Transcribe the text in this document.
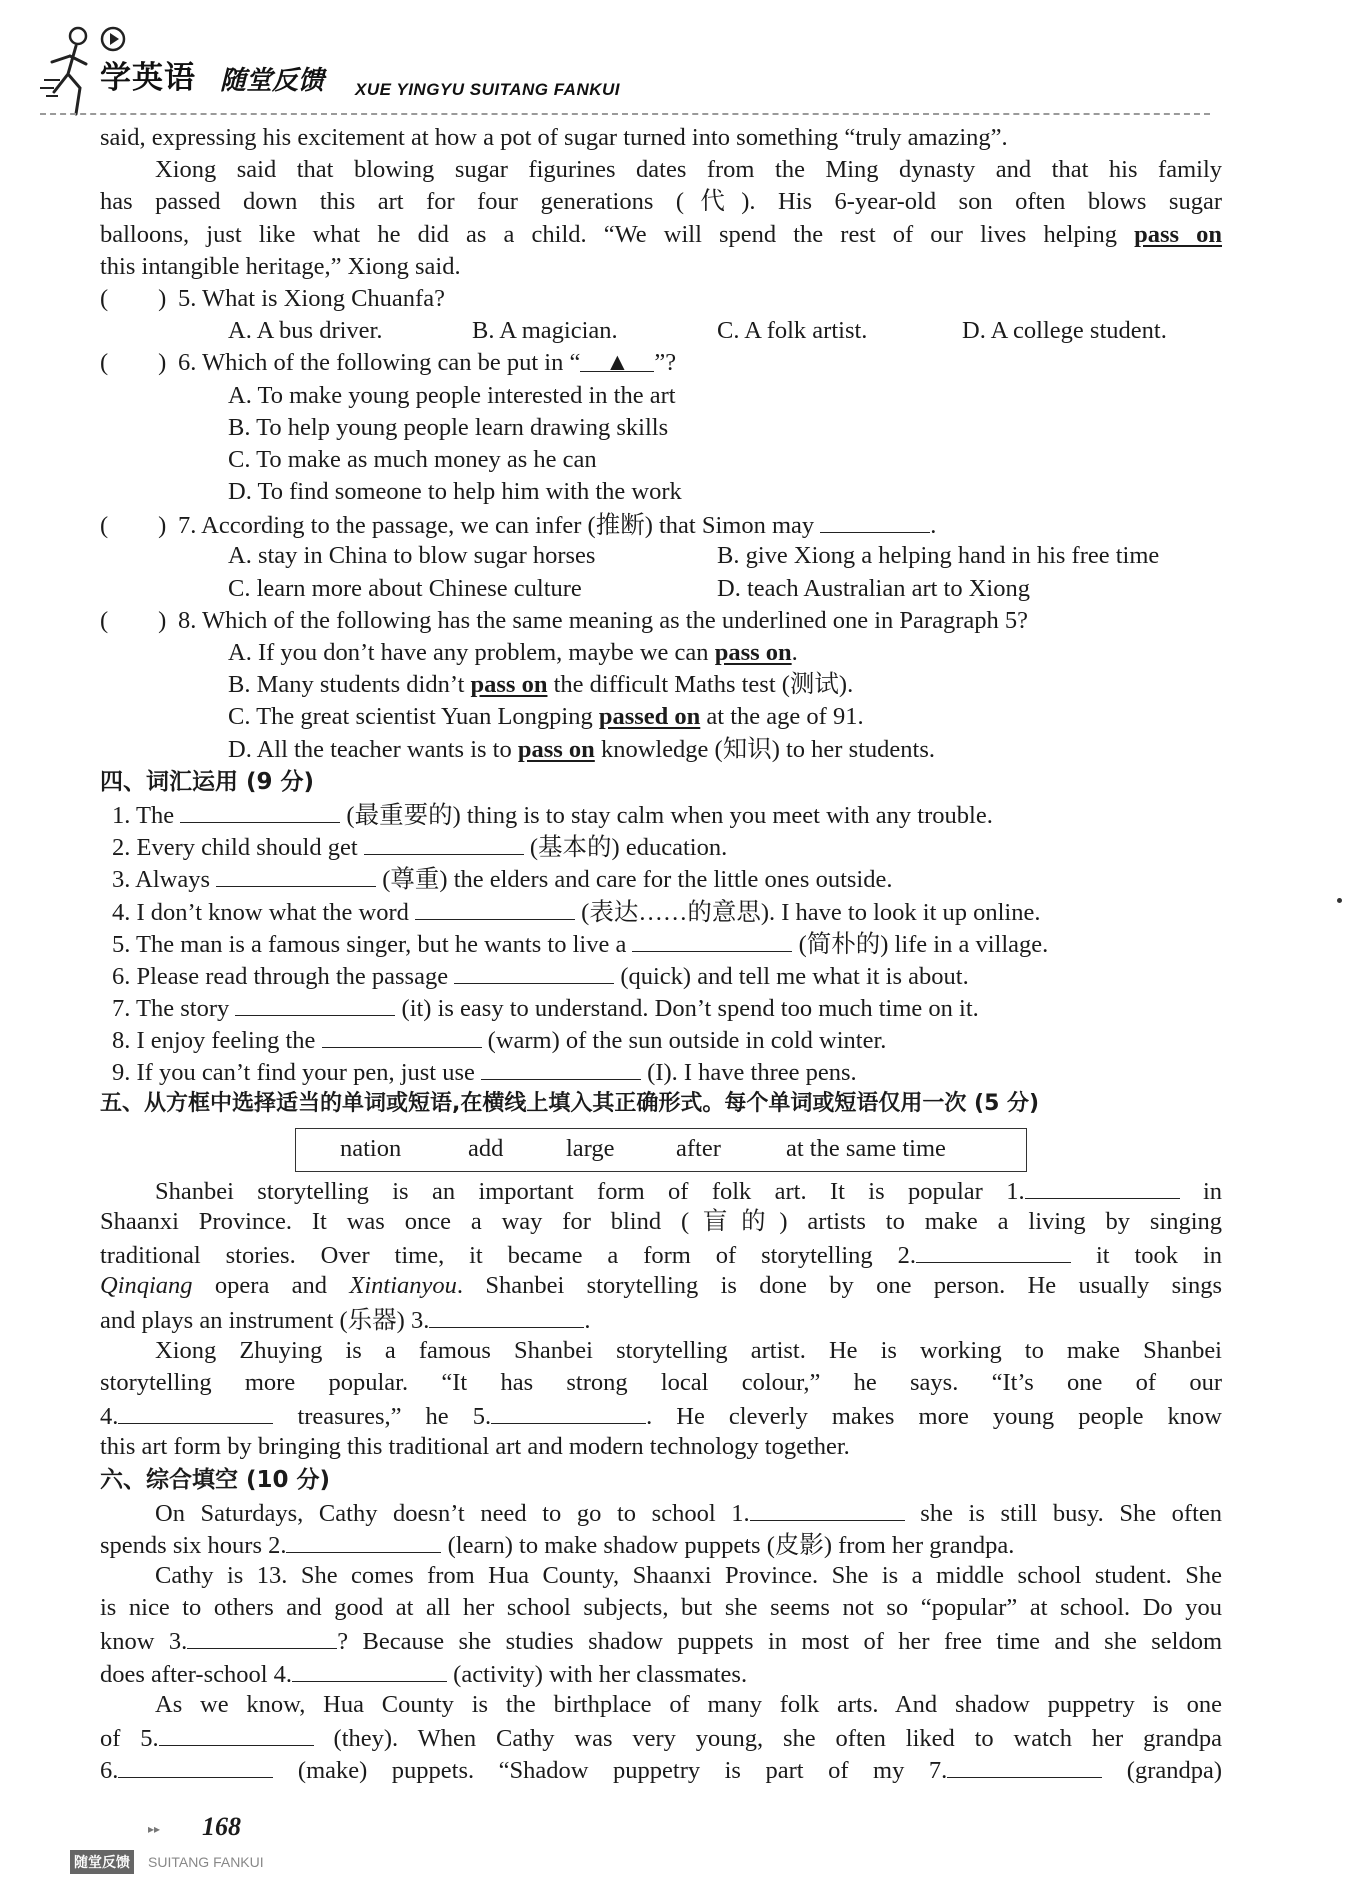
学英语 随堂反馈 XUE YINGYU SUITANG FANKUI
said, expressing his excitement at how a pot of sugar turned into something “truly amazing”.
Xiong said that blowing sugar figurines dates from the Ming dynasty and that his family
has passed down this art for four generations (代). His 6-year-old son often blows sugar
balloons, just like what he did as a child. “We will spend the rest of our lives helping pass on
this intangible heritage,” Xiong said.
( ) 5. What is Xiong Chuanfa?
A. A bus driver.	B. A magician.	C. A folk artist.	D. A college student.
( ) 6. Which of the following can be put in “ ▲ ”?
A. To make young people interested in the art
B. To help young people learn drawing skills
C. To make as much money as he can
D. To find someone to help him with the work
( ) 7. According to the passage, we can infer (推断) that Simon may	.
A. stay in China to blow sugar horses	B. give Xiong a helping hand in his free time
C. learn more about Chinese culture	D. teach Australian art to Xiong
( ) 8. Which of the following has the same meaning as the underlined one in Paragraph 5?
A. If you don’t have any problem, maybe we can pass on.
B. Many students didn’t pass on the difficult Maths test (测试).
C. The great scientist Yuan Longping passed on at the age of 91.
D. All the teacher wants is to pass on knowledge (知识) to her students.
四、词汇运用 (9 分)
1. The	(最重要的) thing is to stay calm when you meet with any trouble.
2. Every child should get	(基本的) education.
3. Always	(尊重) the elders and care for the little ones outside.
4. I don’t know what the word	(表达……的意思). I have to look it up online.
5. The man is a famous singer, but he wants to live a	(简朴的) life in a village.
6. Please read through the passage	(quick) and tell me what it is about.
7. The story	(it) is easy to understand. Don’t spend too much time on it.
8. I enjoy feeling the	(warm) of the sun outside in cold winter.
9. If you can’t find your pen, just use	(I). I have three pens.
五、从方框中选择适当的单词或短语,在横线上填入其正确形式。每个单词或短语仅用一次 (5 分)
Shanbei storytelling is an important form of folk art. It is popular 1.	in
Shaanxi Province. It was once a way for blind (盲的) artists to make a living by singing
traditional stories. Over time, it became a form of storytelling 2.	it took in
Qinqiang opera and Xintianyou. Shanbei storytelling is done by one person. He usually sings
and plays an instrument (乐器) 3.	.
Xiong Zhuying is a famous Shanbei storytelling artist. He is working to make Shanbei
storytelling more popular. “It has strong local colour,” he says. “It’s one of our
4.	treasures,” he 5.	. He cleverly makes more young people know
this art form by bringing this traditional art and modern technology together.
六、综合填空 (10 分)
On Saturdays, Cathy doesn’t need to go to school 1.	she is still busy. She often
spends six hours 2.	(learn) to make shadow puppets (皮影) from her grandpa.
Cathy is 13. She comes from Hua County, Shaanxi Province. She is a middle school student. She
is nice to others and good at all her school subjects, but she seems not so “popular” at school. Do you
know 3.	? Because she studies shadow puppets in most of her free time and she seldom
does after-school 4.	(activity) with her classmates.
As we know, Hua County is the birthplace of many folk arts. And shadow puppetry is one
of 5.	(they). When Cathy was very young, she often liked to watch her grandpa
6.	(make) puppets. “Shadow puppetry is part of my 7.	(grandpa)
nation	add	large	after	at the same time
▸▸ 168
随堂反馈 SUITANG FANKUI
